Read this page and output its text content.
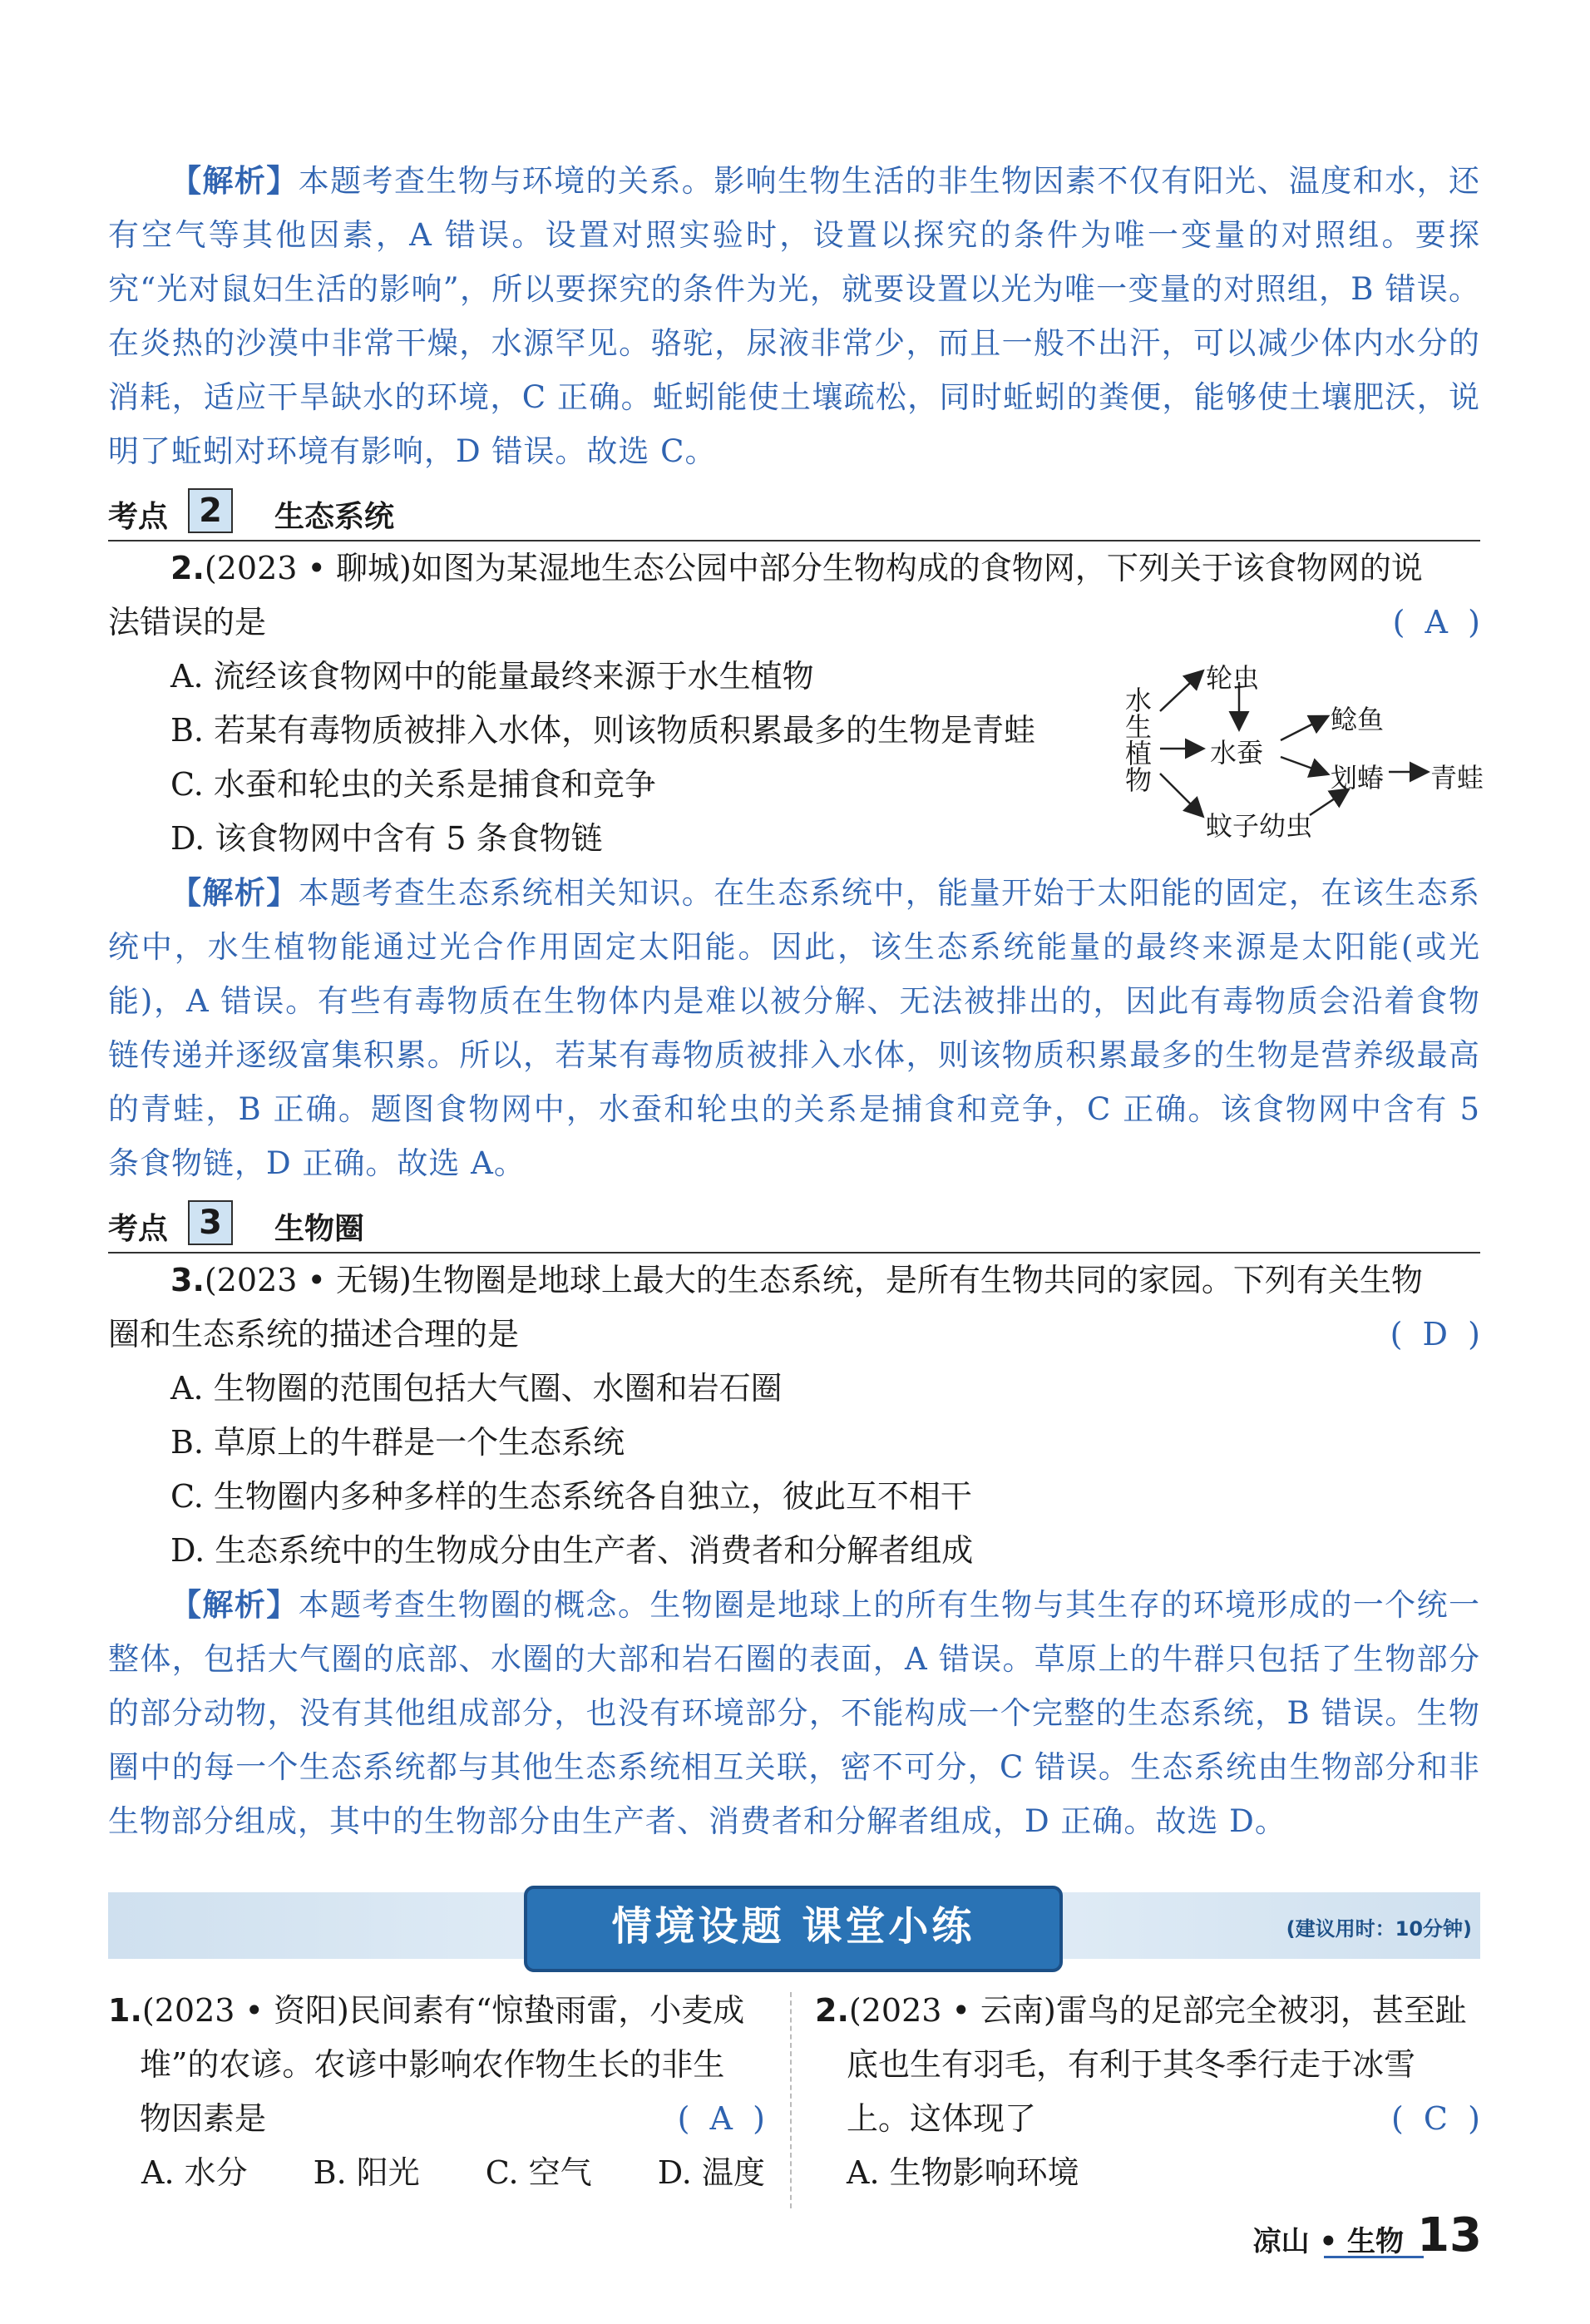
【解析】本题考查生物与环境的关系。影响生物生活的非生物因素不仅有阳光、温度和水，还有空气等其他因素，A 错误。设置对照实验时，设置以探究的条件为唯一变量的对照组。要探究“光对鼠妇生活的影响”，所以要探究的条件为光，就要设置以光为唯一变量的对照组，B 错误。在炎热的沙漠中非常干燥，水源罕见。骆驼，尿液非常少，而且一般不出汗，可以减少体内水分的消耗，适应干旱缺水的环境，C 正确。蚯蚓能使土壤疏松，同时蚯蚓的粪便，能够使土壤肥沃，说明了蚯蚓对环境有影响，D 错误。故选 C。
考点 2	生态系统
2.(2023 • 聊城)如图为某湿地生态公园中部分生物构成的食物网，下列关于该食物网的说
法错误的是	(  A  )
A. 流经该食物网中的能量最终来源于水生植物
B. 若某有毒物质被排入水体，则该物质积累最多的生物是青蛙
C. 水蚕和轮虫的关系是捕食和竞争
D. 该食物网中含有 5 条食物链
【解析】本题考查生态系统相关知识。在生态系统中，能量开始于太阳能的固定，在该生态系统中，水生植物能通过光合作用固定太阳能。因此，该生态系统能量的最终来源是太阳能(或光能)，A 错误。有些有毒物质在生物体内是难以被分解、无法被排出的，因此有毒物质会沿着食物链传递并逐级富集积累。所以，若某有毒物质被排入水体，则该物质积累最多的生物是营养级最高的青蛙，B 正确。题图食物网中，水蚕和轮虫的关系是捕食和竞争，C 正确。该食物网中含有 5 条食物链，D 正确。故选 A。
考点 3	生物圈
3.(2023 • 无锡)生物圈是地球上最大的生态系统，是所有生物共同的家园。下列有关生物
圈和生态系统的描述合理的是	(  D  )
A. 生物圈的范围包括大气圈、水圈和岩石圈
B. 草原上的牛群是一个生态系统
C. 生物圈内多种多样的生态系统各自独立，彼此互不相干
D. 生态系统中的生物成分由生产者、消费者和分解者组成
【解析】本题考查生物圈的概念。生物圈是地球上的所有生物与其生存的环境形成的一个统一整体，包括大气圈的底部、水圈的大部和岩石圈的表面，A 错误。草原上的牛群只包括了生物部分的部分动物，没有其他组成部分，也没有环境部分，不能构成一个完整的生态系统，B 错误。生物圈中的每一个生态系统都与其他生态系统相互关联，密不可分，C 错误。生态系统由生物部分和非生物部分组成，其中的生物部分由生产者、消费者和分解者组成，D 正确。故选 D。
水生植物
轮虫
水蚕
蚊子幼虫
鲶鱼
划蝽 青蛙
情境设题 课堂小练	(建议用时：10分钟)
1.(2023 • 资阳)民间素有“惊蛰雨雷，小麦成
堆”的农谚。农谚中影响农作物生长的非生
物因素是	(  A  )
A. 水分 B. 阳光 C. 空气 D. 温度
2.(2023 • 云南)雷鸟的足部完全被羽，甚至趾
底也生有羽毛，有利于其冬季行走于冰雪
上。这体现了	(  C  )
A. 生物影响环境
凉山 • 生物 13
